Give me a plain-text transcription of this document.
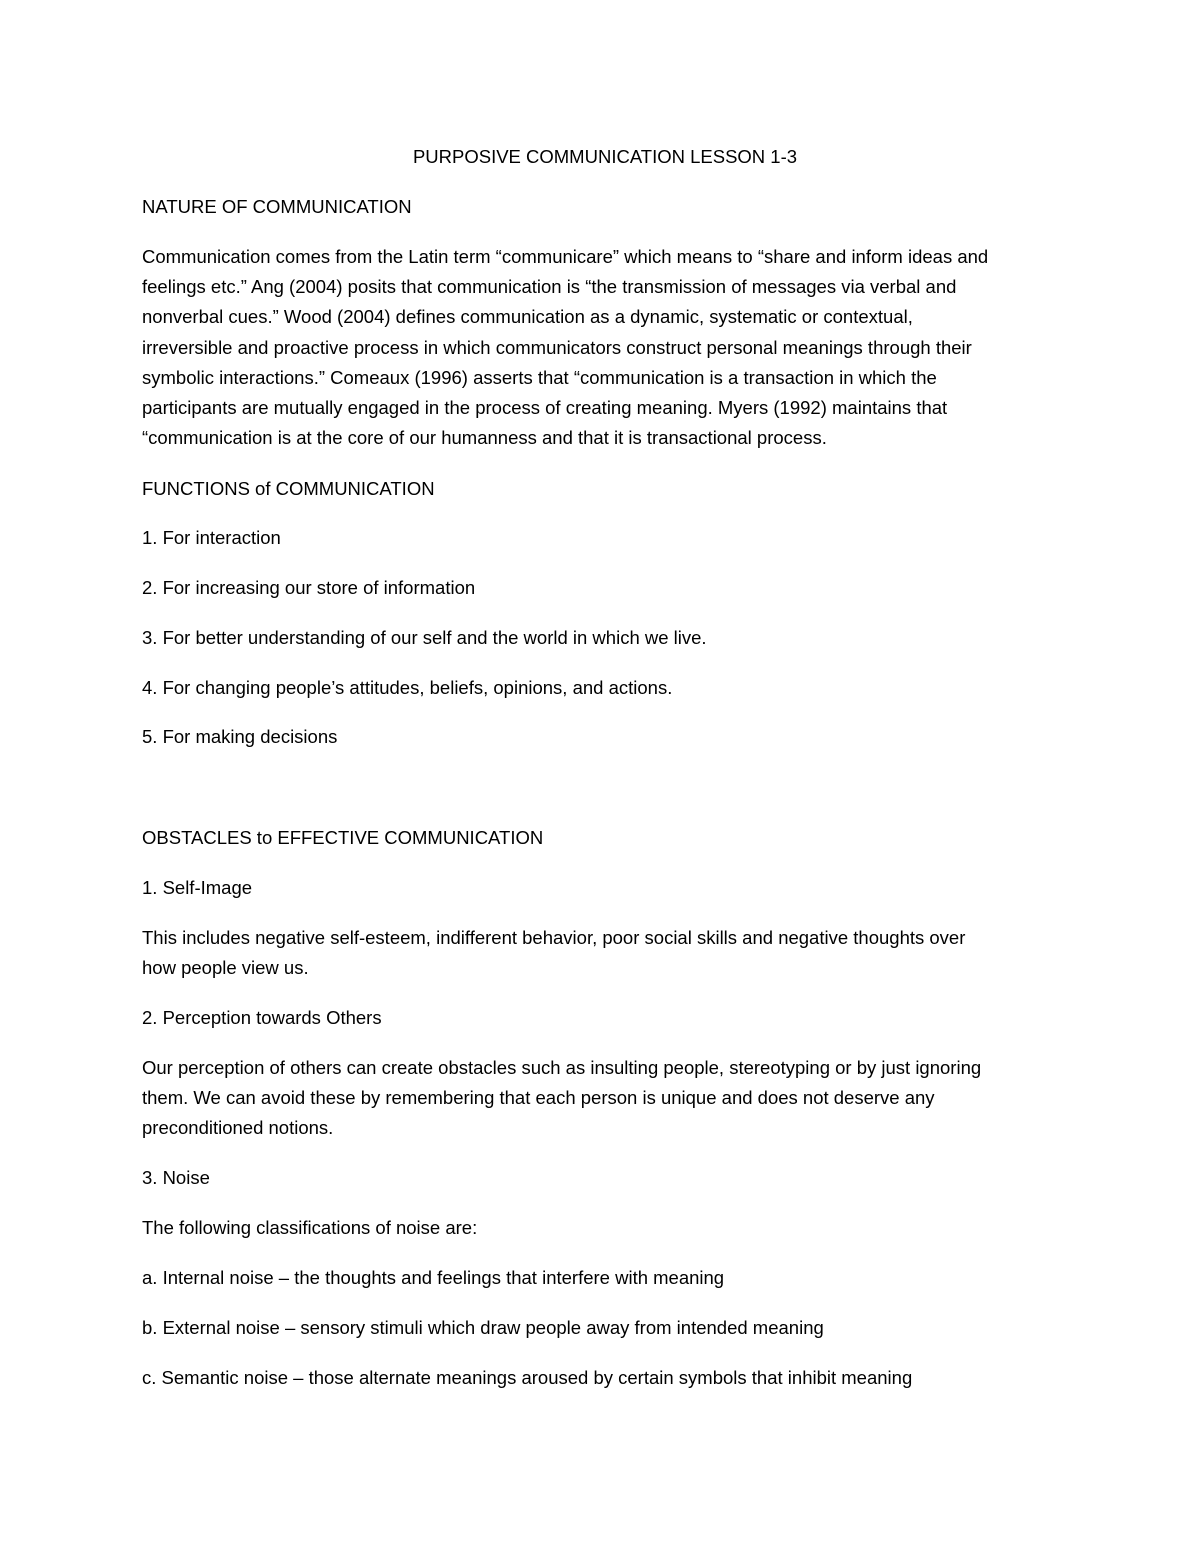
PURPOSIVE COMMUNICATION LESSON 1-3
NATURE OF COMMUNICATION
Communication comes from the Latin term “communicare” which means to “share and inform ideas and
feelings etc.” Ang (2004) posits that communication is “the transmission of messages via verbal and
nonverbal cues.” Wood (2004) defines communication as a dynamic, systematic or contextual,
irreversible and proactive process in which communicators construct personal meanings through their
symbolic interactions.” Comeaux (1996) asserts that “communication is a transaction in which the
participants are mutually engaged in the process of creating meaning. Myers (1992) maintains that
“communication is at the core of our humanness and that it is transactional process.
FUNCTIONS of COMMUNICATION
1. For interaction
2. For increasing our store of information
3. For better understanding of our self and the world in which we live.
4. For changing people’s attitudes, beliefs, opinions, and actions.
5. For making decisions
OBSTACLES to EFFECTIVE COMMUNICATION
1. Self-Image
This includes negative self-esteem, indifferent behavior, poor social skills and negative thoughts over
how people view us.
2. Perception towards Others
Our perception of others can create obstacles such as insulting people, stereotyping or by just ignoring
them. We can avoid these by remembering that each person is unique and does not deserve any
preconditioned notions.
3. Noise
The following classifications of noise are:
a. Internal noise – the thoughts and feelings that interfere with meaning
b. External noise – sensory stimuli which draw people away from intended meaning
c. Semantic noise – those alternate meanings aroused by certain symbols that inhibit meaning
